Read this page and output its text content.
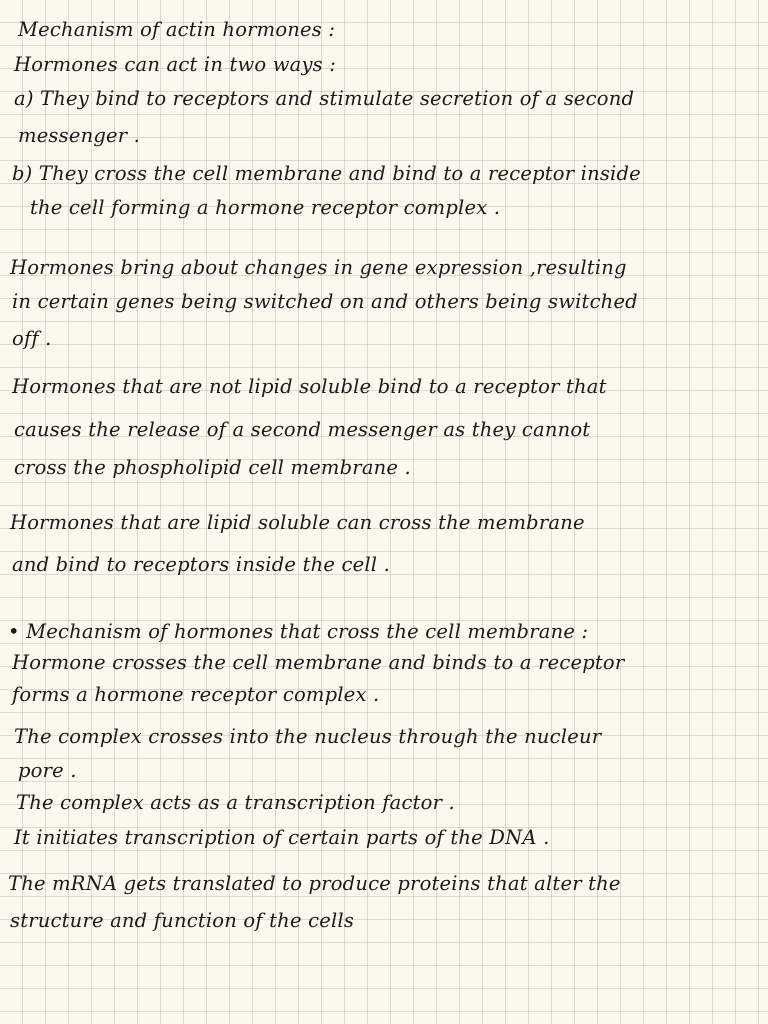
Mechanism of actin hormones :
Hormones can act in two ways :
a) They bind to receptors and stimulate secretion of a second
messenger .
b) They cross the cell membrane and bind to a receptor inside
the cell forming a hormone receptor complex .
Hormones bring about changes in gene expression ,resulting
in certain genes being switched on and others being switched
off .
Hormones that are not lipid soluble bind to a receptor that
causes the release of a second messenger as they cannot
cross the phospholipid cell membrane .
Hormones that are lipid soluble can cross the membrane
and bind to receptors inside the cell .
• Mechanism of hormones that cross the cell membrane :
Hormone crosses the cell membrane and binds to a receptor
forms a hormone receptor complex .
The complex crosses into the nucleus through the nucleur
pore .
The complex acts as a transcription factor .
It initiates transcription of certain parts of the DNA .
The mRNA gets translated to produce proteins that alter the
structure and function of the cells
